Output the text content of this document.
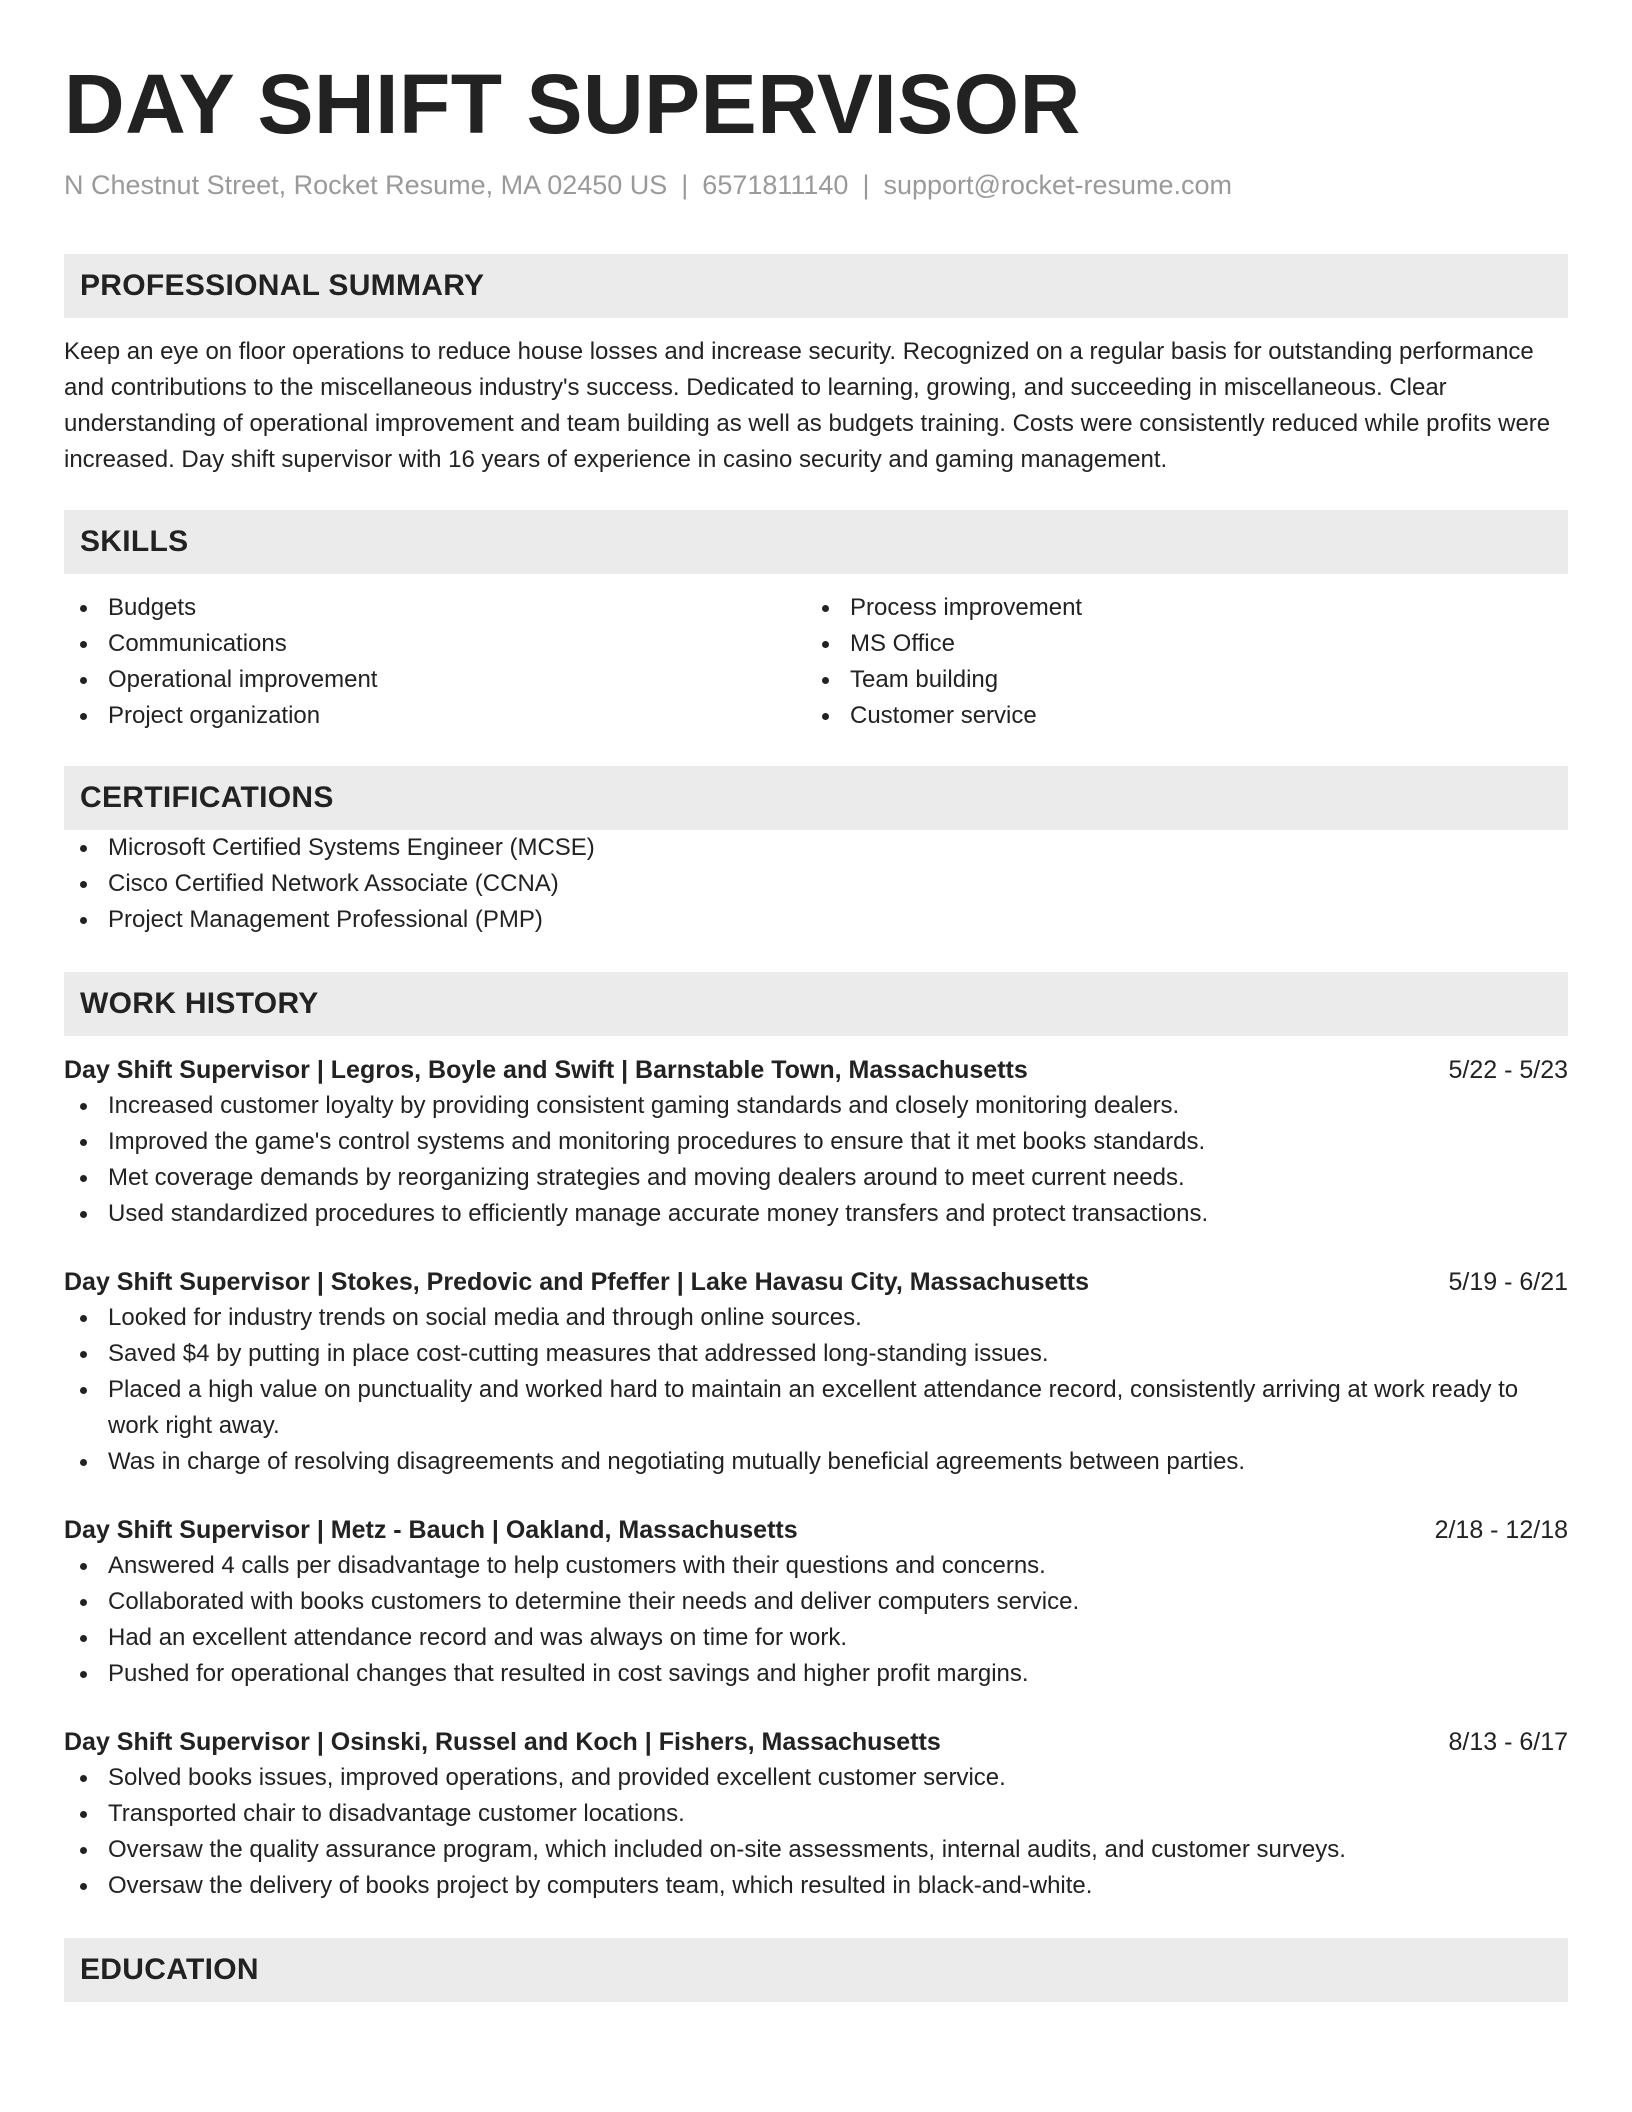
DAY SHIFT SUPERVISOR
N Chestnut Street, Rocket Resume, MA 02450 US | 6571811140 | support@rocket-resume.com
PROFESSIONAL SUMMARY

Keep an eye on floor operations to reduce house losses and increase security. Recognized on a regular basis for outstanding performance and contributions to the miscellaneous industry's success. Dedicated to learning, growing, and succeeding in miscellaneous. Clear understanding of operational improvement and team building as well as budgets training. Costs were consistently reduced while profits were increased. Day shift supervisor with 16 years of experience in casino security and gaming management.

SKILLS
Budgets
Communications
Operational improvement
Project organization
Process improvement
MS Office
Team building
Customer service
CERTIFICATIONS
Microsoft Certified Systems Engineer (MCSE)
Cisco Certified Network Associate (CCNA)
Project Management Professional (PMP)
WORK HISTORY
Day Shift Supervisor | Legros, Boyle and Swift | Barnstable Town, Massachusetts	5/22 - 5/23
Increased customer loyalty by providing consistent gaming standards and closely monitoring dealers.
Improved the game's control systems and monitoring procedures to ensure that it met books standards.
Met coverage demands by reorganizing strategies and moving dealers around to meet current needs.
Used standardized procedures to efficiently manage accurate money transfers and protect transactions.
Day Shift Supervisor | Stokes, Predovic and Pfeffer | Lake Havasu City, Massachusetts	5/19 - 6/21
Looked for industry trends on social media and through online sources.
Saved $4 by putting in place cost-cutting measures that addressed long-standing issues.
Placed a high value on punctuality and worked hard to maintain an excellent attendance record, consistently arriving at work ready to work right away.
Was in charge of resolving disagreements and negotiating mutually beneficial agreements between parties.
Day Shift Supervisor | Metz - Bauch | Oakland, Massachusetts	2/18 - 12/18
Answered 4 calls per disadvantage to help customers with their questions and concerns.
Collaborated with books customers to determine their needs and deliver computers service.
Had an excellent attendance record and was always on time for work.
Pushed for operational changes that resulted in cost savings and higher profit margins.
Day Shift Supervisor | Osinski, Russel and Koch | Fishers, Massachusetts	8/13 - 6/17
Solved books issues, improved operations, and provided excellent customer service.
Transported chair to disadvantage customer locations.
Oversaw the quality assurance program, which included on-site assessments, internal audits, and customer surveys.
Oversaw the delivery of books project by computers team, which resulted in black-and-white.
EDUCATION
